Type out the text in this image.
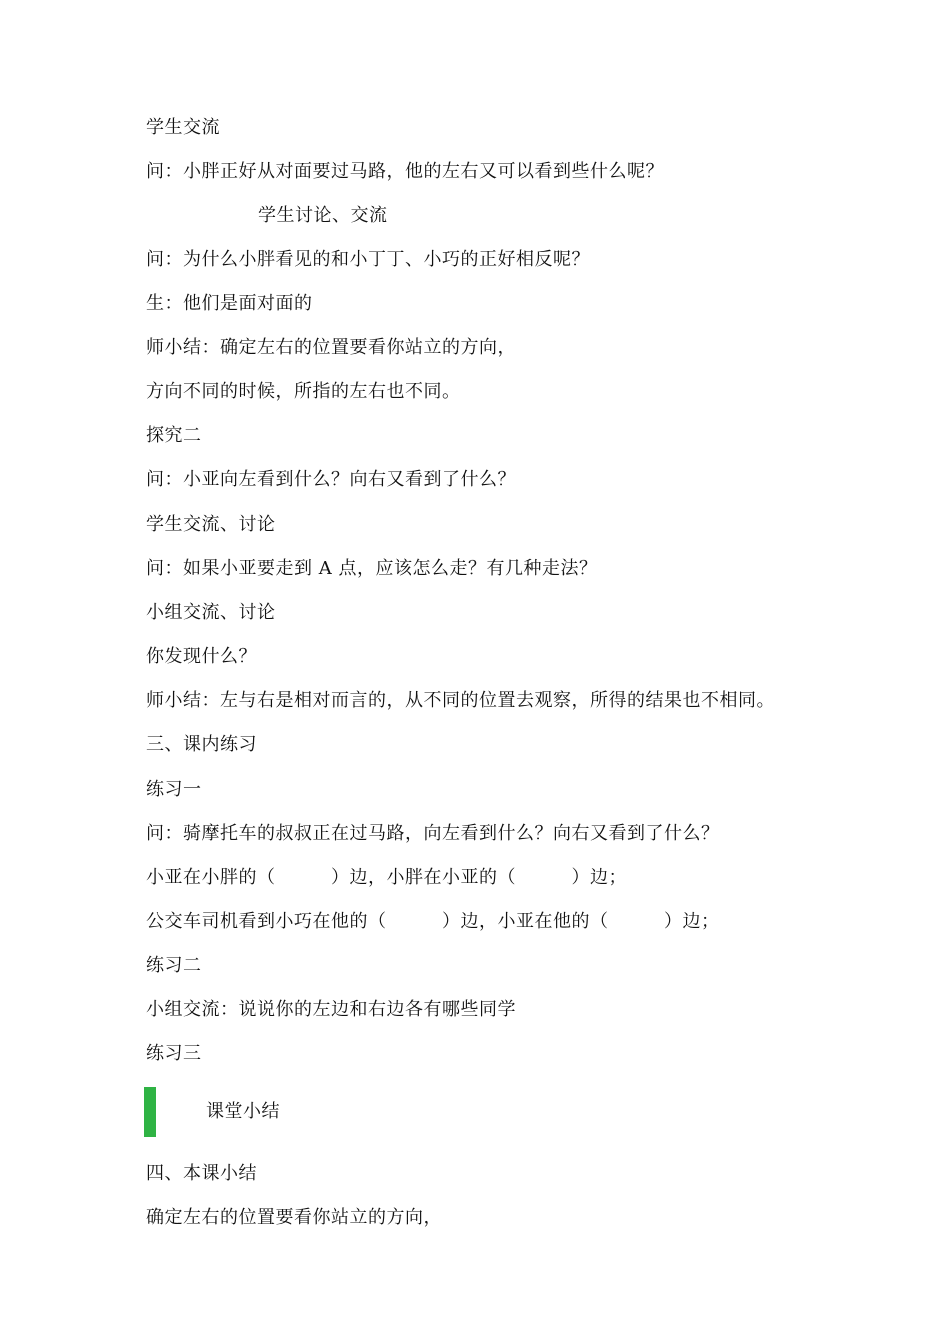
学生交流
问：小胖正好从对面要过马路，他的左右又可以看到些什么呢？
学生讨论、交流
问：为什么小胖看见的和小丁丁、小巧的正好相反呢？
生：他们是面对面的
师小结：确定左右的位置要看你站立的方向，
方向不同的时候，所指的左右也不同。
探究二
问：小亚向左看到什么？向右又看到了什么？
学生交流、讨论
问：如果小亚要走到 A 点，应该怎么走？有几种走法？
小组交流、讨论
你发现什么？
师小结：左与右是相对而言的，从不同的位置去观察，所得的结果也不相同。
三、课内练习
练习一
问：骑摩托车的叔叔正在过马路，向左看到什么？向右又看到了什么？
小亚在小胖的（　　　）边，小胖在小亚的（　　　）边；
公交车司机看到小巧在他的（　　　）边，小亚在他的（　　　）边；
练习二
小组交流：说说你的左边和右边各有哪些同学
练习三
课堂小结
四、本课小结
确定左右的位置要看你站立的方向，
